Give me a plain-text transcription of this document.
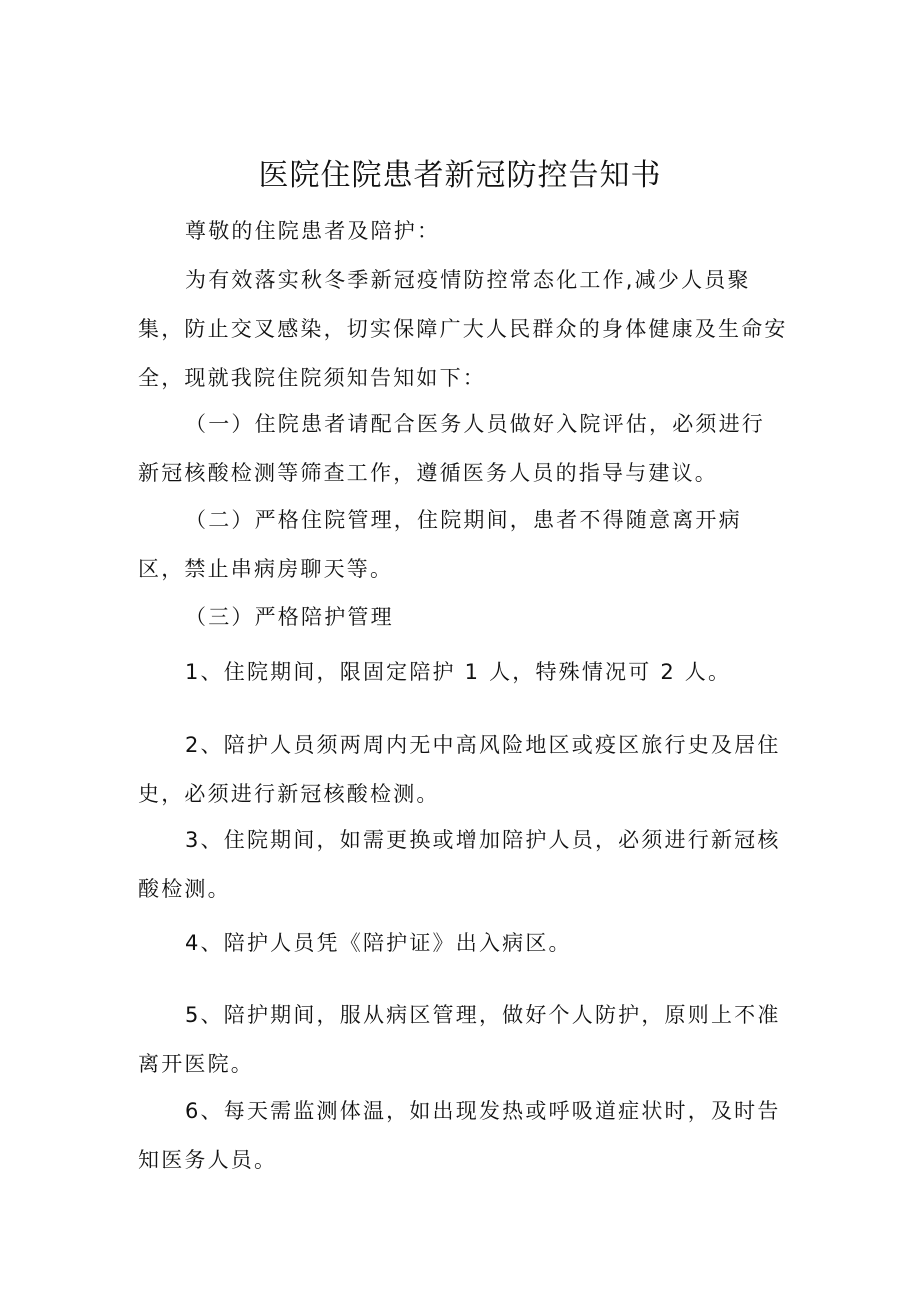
医院住院患者新冠防控告知书

尊敬的住院患者及陪护：

为有效落实秋冬季新冠疫情防控常态化工作,减少人员聚集，防止交叉感染，切实保障广大人民群众的身体健康及生命安全，现就我院住院须知告知如下：

（一）住院患者请配合医务人员做好入院评估，必须进行新冠核酸检测等筛查工作，遵循医务人员的指导与建议。

（二）严格住院管理，住院期间，患者不得随意离开病区，禁止串病房聊天等。

（三）严格陪护管理

1、住院期间，限固定陪护 1 人，特殊情况可 2 人。

2、陪护人员须两周内无中高风险地区或疫区旅行史及居住史，必须进行新冠核酸检测。

3、住院期间，如需更换或增加陪护人员，必须进行新冠核酸检测。

4、陪护人员凭《陪护证》出入病区。

5、陪护期间，服从病区管理，做好个人防护，原则上不准离开医院。

6、每天需监测体温，如出现发热或呼吸道症状时，及时告知医务人员。
